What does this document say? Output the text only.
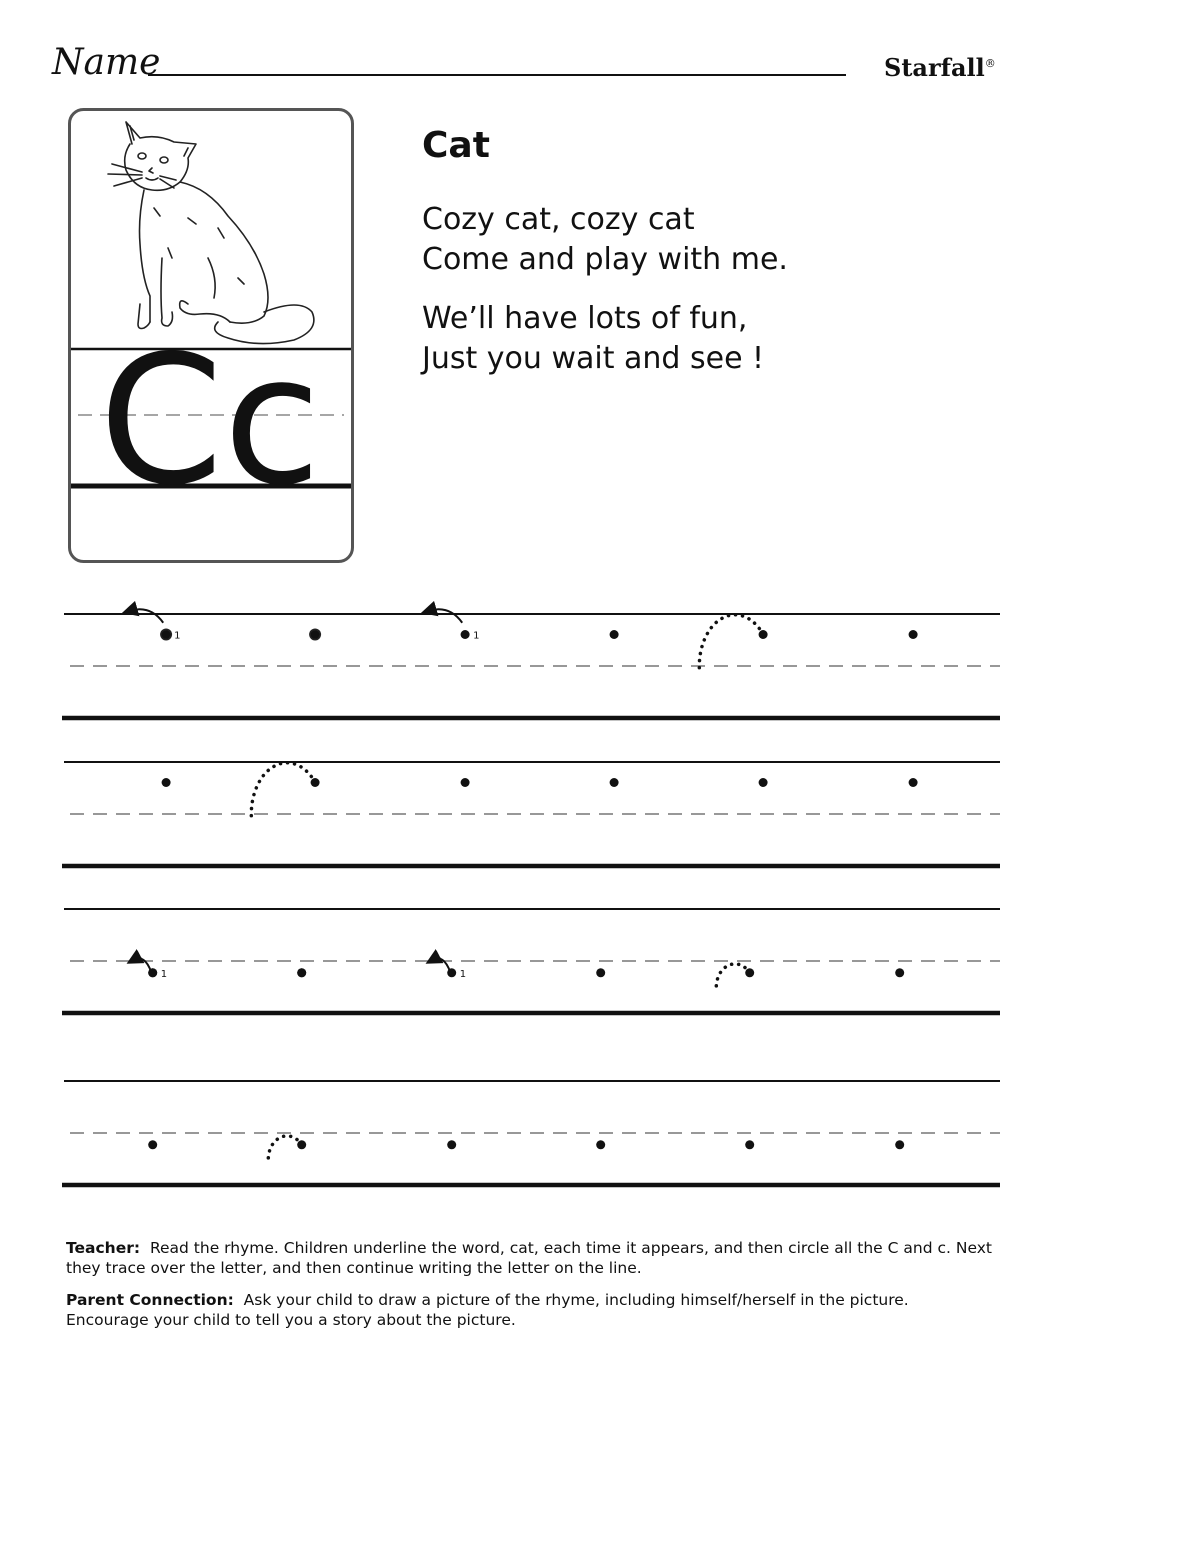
Name	Starfall®
Cc
Cat
Cozy cat, cozy cat
Come and play with me.
We’ll have lots of fun,
Just you wait and see !
1	1
1	1
Teacher: Read the rhyme. Children underline the word, cat, each time it appears, and then circle all the C and c. Next they trace over the letter, and then continue writing the letter on the line.
Parent Connection: Ask your child to draw a picture of the rhyme, including himself/herself in the picture. Encourage your child to tell you a story about the picture.
